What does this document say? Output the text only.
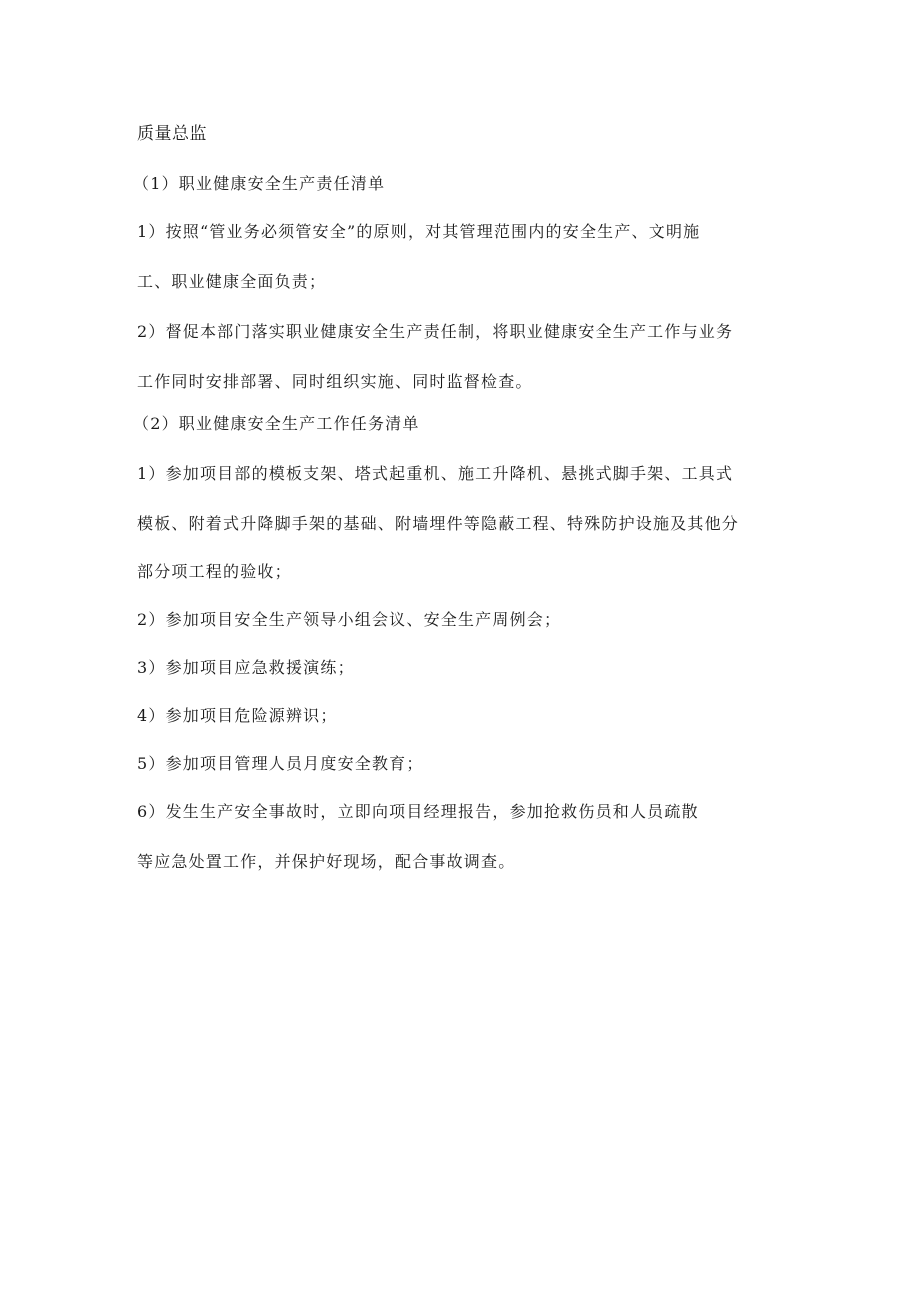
质量总监
（1）职业健康安全生产责任清单
1）按照“管业务必须管安全”的原则，对其管理范围内的安全生产、文明施
工、职业健康全面负责；
2）督促本部门落实职业健康安全生产责任制，将职业健康安全生产工作与业务
工作同时安排部署、同时组织实施、同时监督检查。
（2）职业健康安全生产工作任务清单
1）参加项目部的模板支架、塔式起重机、施工升降机、悬挑式脚手架、工具式
模板、附着式升降脚手架的基础、附墙埋件等隐蔽工程、特殊防护设施及其他分
部分项工程的验收；
2）参加项目安全生产领导小组会议、安全生产周例会；
3）参加项目应急救援演练；
4）参加项目危险源辨识；
5）参加项目管理人员月度安全教育；
6）发生生产安全事故时，立即向项目经理报告，参加抢救伤员和人员疏散
等应急处置工作，并保护好现场，配合事故调查。
